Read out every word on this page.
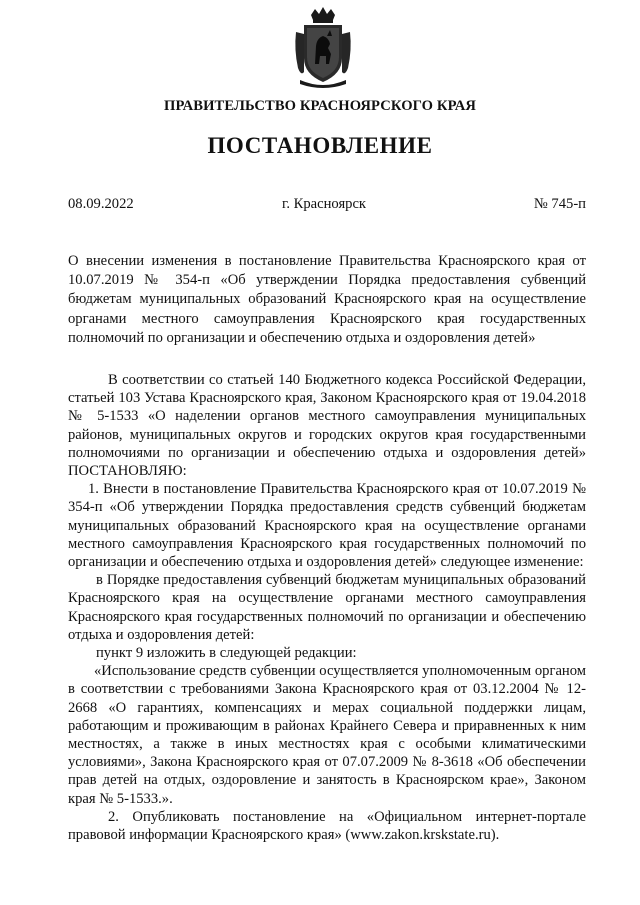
ПРАВИТЕЛЬСТВО КРАСНОЯРСКОГО КРАЯ
ПОСТАНОВЛЕНИЕ
08.09.2022	г. Красноярск	№ 745-п
О внесении изменения в постановление Правительства Красноярского края от 10.07.2019 № 354-п «Об утверждении Порядка предоставления субвенций бюджетам муниципальных образований Красноярского края на осуществление органами местного самоуправления Красноярского края государственных полномочий по организации и обеспечению отдыха и оздоровления детей»

В соответствии со статьей 140 Бюджетного кодекса Российской Федерации, статьей 103 Устава Красноярского края, Законом Красноярского края от 19.04.2018 № 5-1533 «О наделении органов местного самоуправления муниципальных районов, муниципальных округов и городских округов края государственными полномочиями по организации и обеспечению отдыха и оздоровления детей» ПОСТАНОВЛЯЮ:

1. Внести в постановление Правительства Красноярского края от 10.07.2019 № 354-п «Об утверждении Порядка предоставления средств субвенций бюджетам муниципальных образований Красноярского края на осуществление органами местного самоуправления Красноярского края государственных полномочий по организации и обеспечению отдыха и оздоровления детей» следующее изменение:

в Порядке предоставления субвенций бюджетам муниципальных образований Красноярского края на осуществление органами местного самоуправления Красноярского края государственных полномочий по организации и обеспечению отдыха и оздоровления детей:

пункт 9 изложить в следующей редакции:

«Использование средств субвенции осуществляется уполномоченным органом в соответствии с требованиями Закона Красноярского края от 03.12.2004 № 12-2668 «О гарантиях, компенсациях и мерах социальной поддержки лицам, работающим и проживающим в районах Крайнего Севера и приравненных к ним местностях, а также в иных местностях края с особыми климатическими условиями», Закона Красноярского края от 07.07.2009 № 8-3618 «Об обеспечении прав детей на отдых, оздоровление и занятость в Красноярском крае», Законом края № 5-1533.».

2. Опубликовать постановление на «Официальном интернет-портале правовой информации Красноярского края» (www.zakon.krskstate.ru).
